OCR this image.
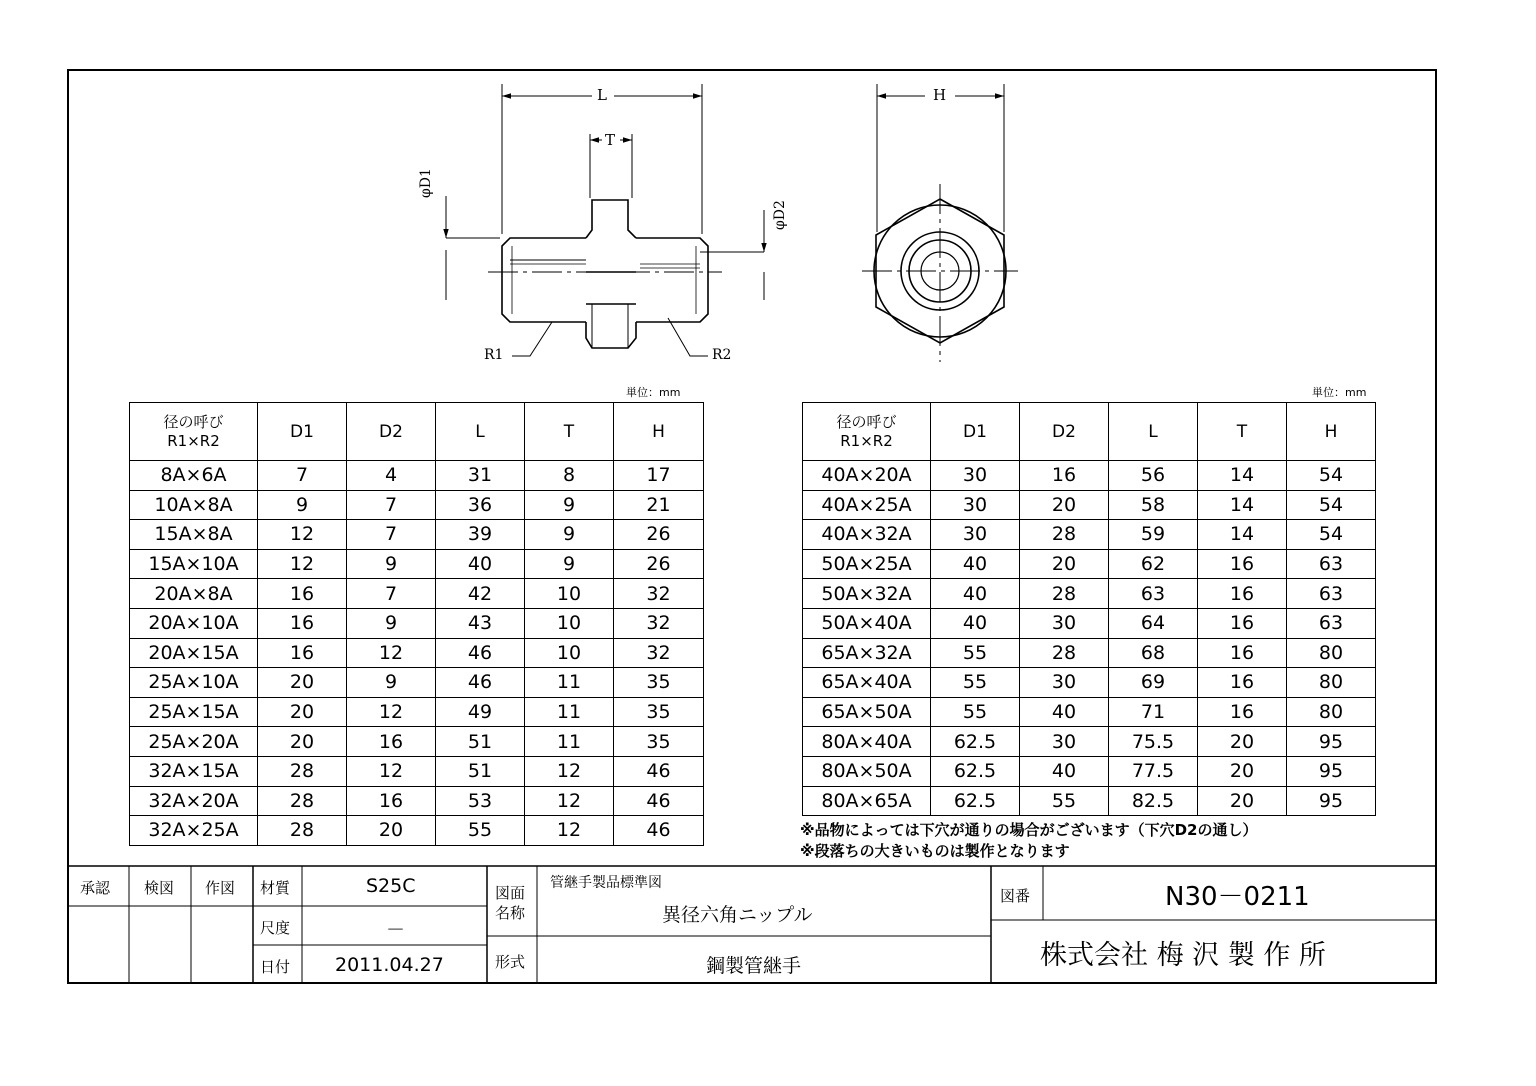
L
T
H
φD1
φD2
R1	R2
単位：mm	単位：mm
径の呼び
R1×R2	D1	D2	L	T	H
8A×6A	7	4	31	8	17
10A×8A	9	7	36	9	21
15A×8A	12	7	39	9	26
15A×10A	12	9	40	9	26
20A×8A	16	7	42	10	32
20A×10A	16	9	43	10	32
20A×15A	16	12	46	10	32
25A×10A	20	9	46	11	35
25A×15A	20	12	49	11	35
25A×20A	20	16	51	11	35
32A×15A	28	12	51	12	46
32A×20A	28	16	53	12	46
32A×25A	28	20	55	12	46
径の呼び
R1×R2	D1	D2	L	T	H
40A×20A	30	16	56	14	54
40A×25A	30	20	58	14	54
40A×32A	30	28	59	14	54
50A×25A	40	20	62	16	63
50A×32A	40	28	63	16	63
50A×40A	40	30	64	16	63
65A×32A	55	28	68	16	80
65A×40A	55	30	69	16	80
65A×50A	55	40	71	16	80
80A×40A	62.5	30	75.5	20	95
80A×50A	62.5	40	77.5	20	95
80A×65A	62.5	55	82.5	20	95
※品物によっては下穴が通りの場合がございます（下穴D2の通し）
※段落ちの大きいものは製作となります
承認 検図 作図 材質	S25C
尺度	－
日付 2011.04.27
図面
名称
管継手製品標準図
異径六角ニップル
形式	鋼製管継手
図番	N30－0211
株式会社 梅 沢 製 作 所
